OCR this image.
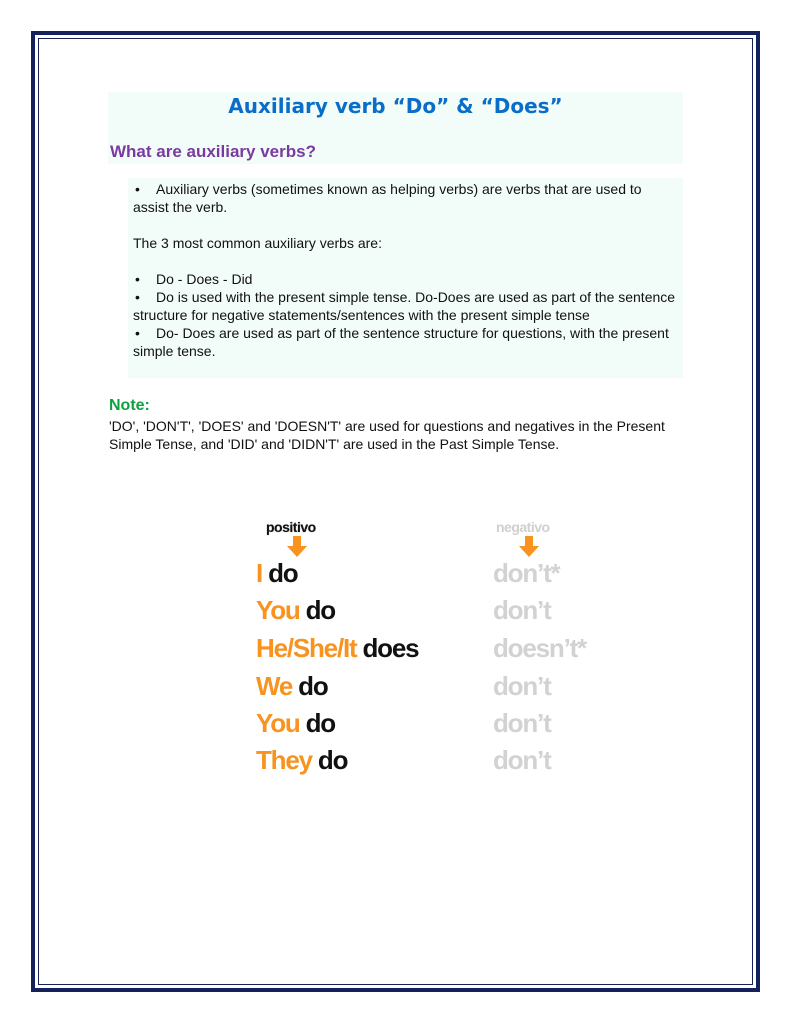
Auxiliary verb “Do” & “Does”
What are auxiliary verbs?

• Auxiliary verbs (sometimes known as helping verbs) are verbs that are used to assist the verb.

The 3 most common auxiliary verbs are:

• Do - Does - Did

• Do is used with the present simple tense. Do-Does are used as part of the sentence structure for negative statements/sentences with the present simple tense

• Do- Does are used as part of the sentence structure for questions, with the present simple tense.

Note:

'DO', 'DON'T', 'DOES' and 'DOESN'T' are used for questions and negatives in the Present Simple Tense, and 'DID' and 'DIDN'T' are used in the Past Simple Tense.

positivo	negativo

I do	don’t*

You do	don’t

He/She/It does	doesn’t*

We do	don’t

You do	don’t

They do	don’t
